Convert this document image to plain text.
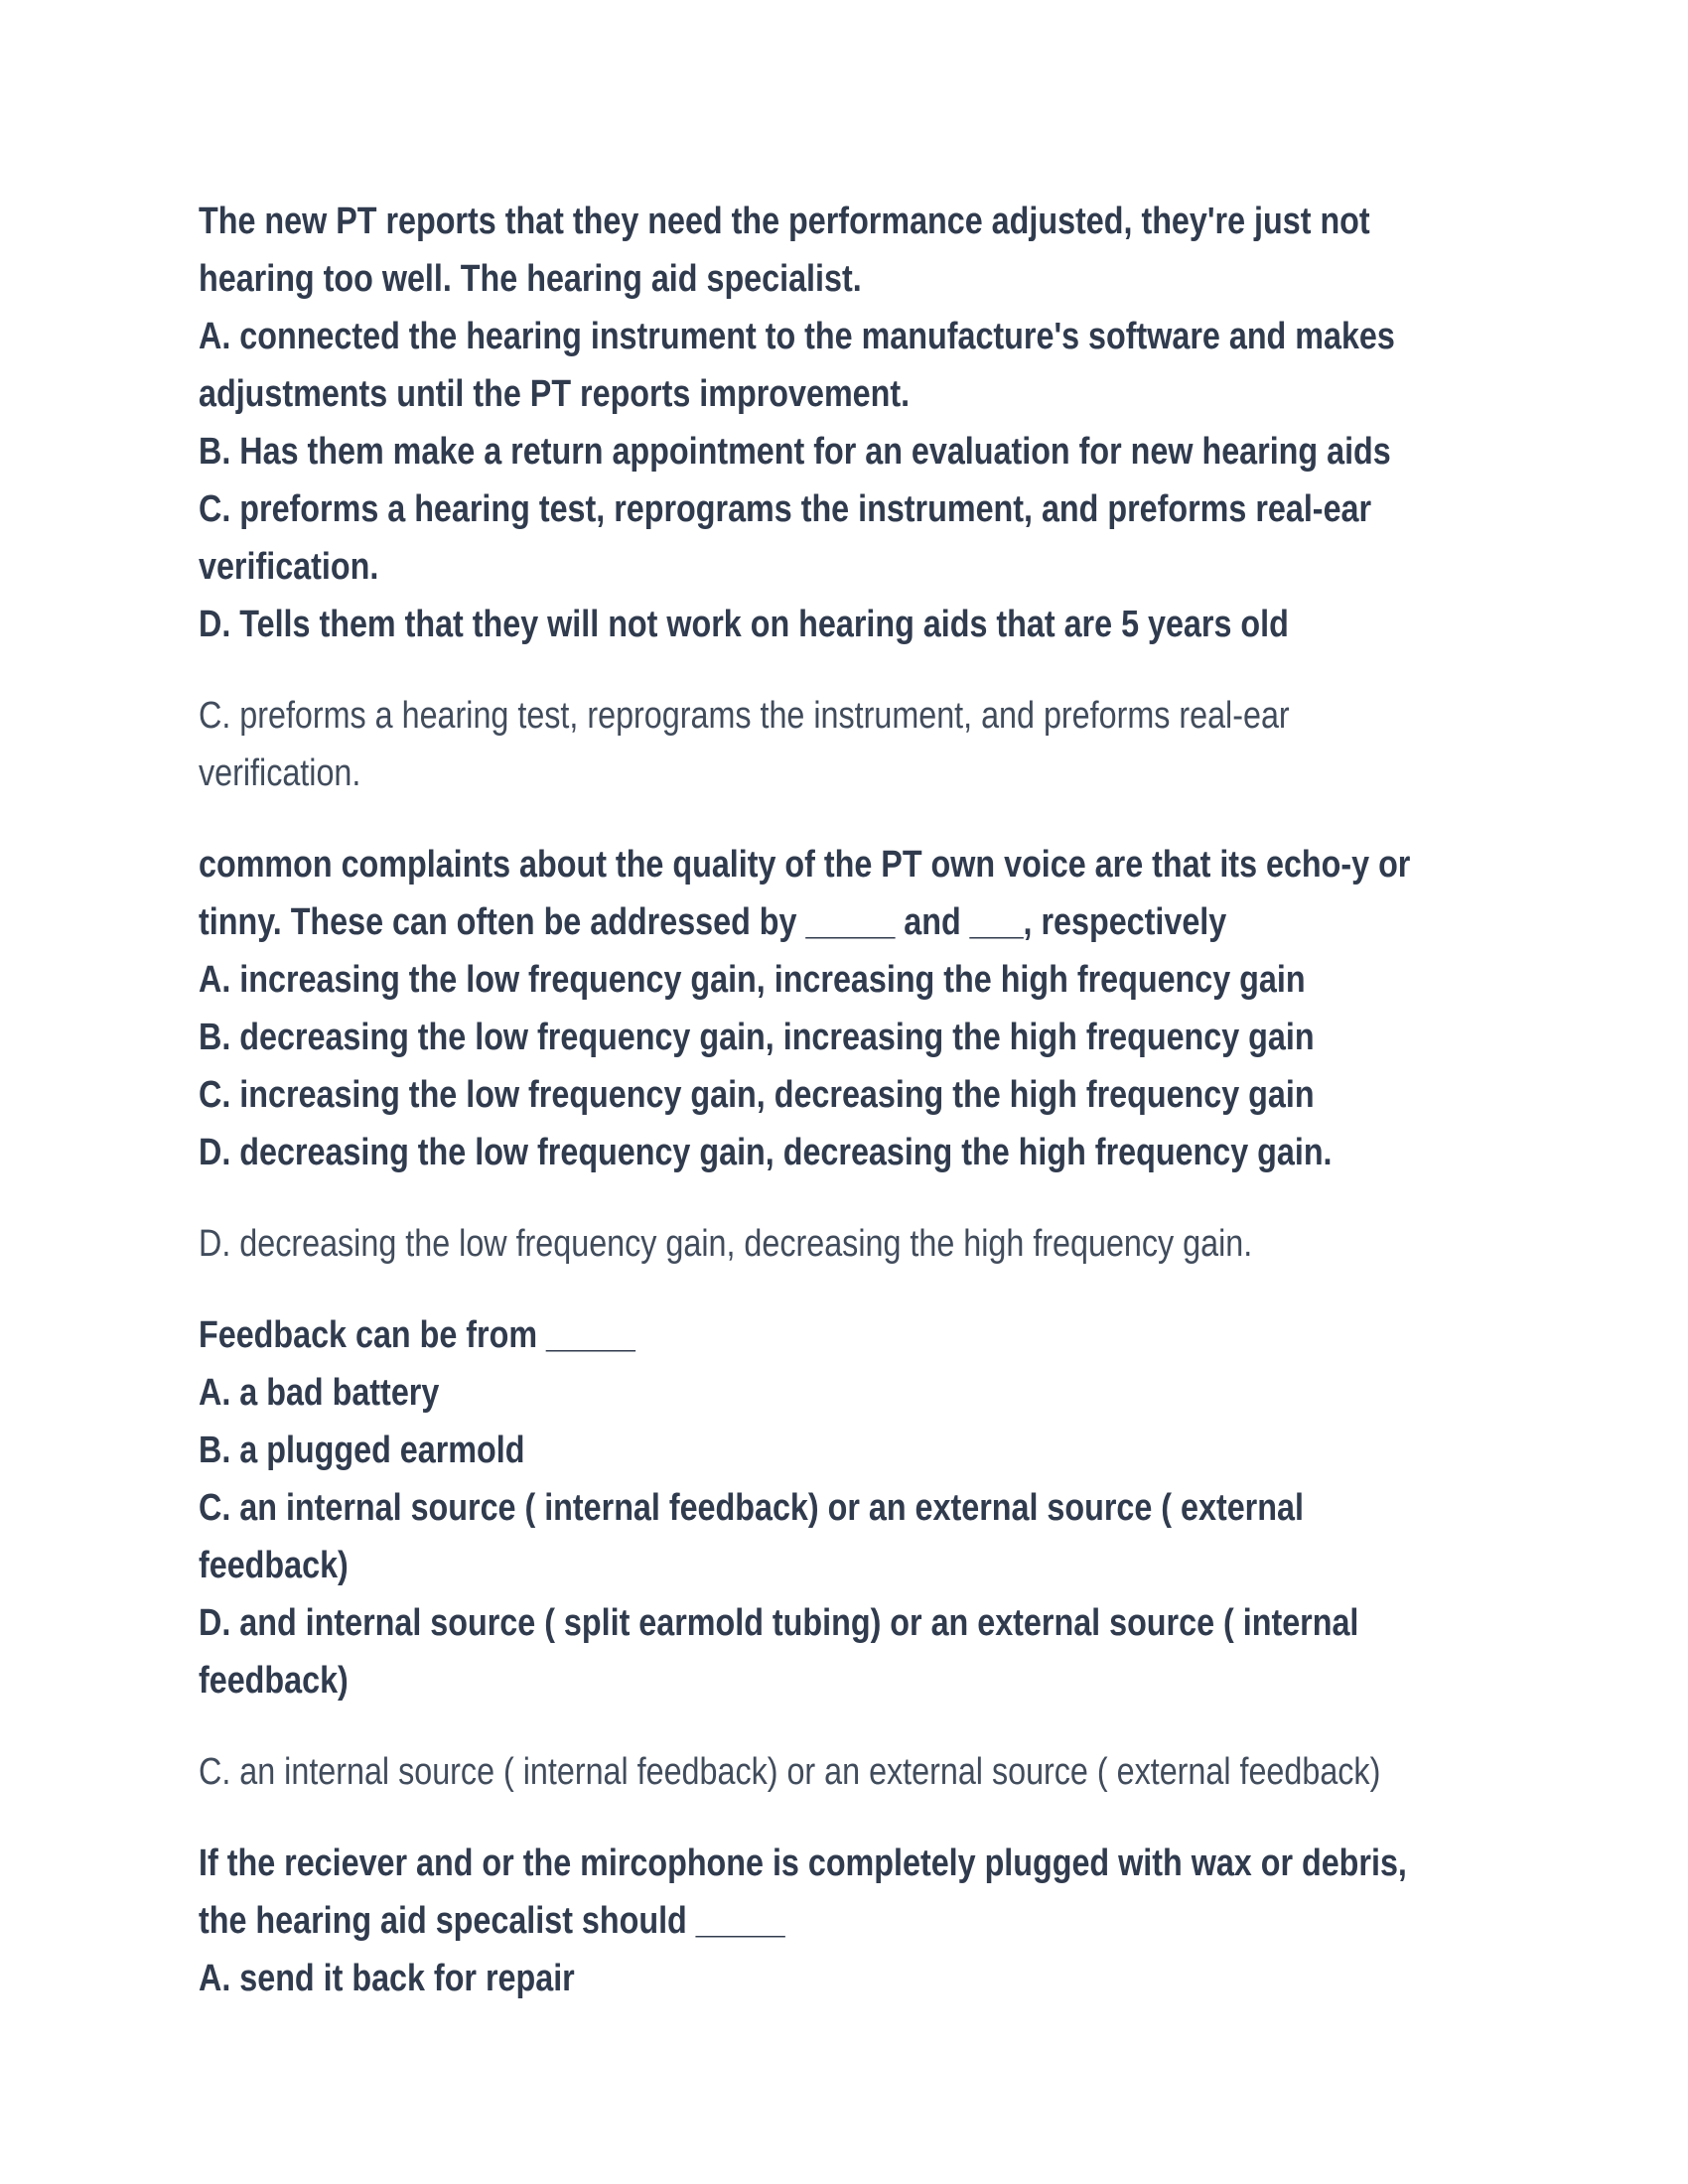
The new PT reports that they need the performance adjusted, they're just not
hearing too well. The hearing aid specialist.
A. connected the hearing instrument to the manufacture's software and makes
adjustments until the PT reports improvement.
B. Has them make a return appointment for an evaluation for new hearing aids
C. preforms a hearing test, reprograms the instrument, and preforms real-ear
verification.
D. Tells them that they will not work on hearing aids that are 5 years old
C. preforms a hearing test, reprograms the instrument, and preforms real-ear
verification.
common complaints about the quality of the PT own voice are that its echo-y or
tinny. These can often be addressed by _____ and ___, respectively
A. increasing the low frequency gain, increasing the high frequency gain
B. decreasing the low frequency gain, increasing the high frequency gain
C. increasing the low frequency gain, decreasing the high frequency gain
D. decreasing the low frequency gain, decreasing the high frequency gain.
D. decreasing the low frequency gain, decreasing the high frequency gain.
Feedback can be from _____
A. a bad battery
B. a plugged earmold
C. an internal source ( internal feedback) or an external source ( external
feedback)
D. and internal source ( split earmold tubing) or an external source ( internal
feedback)
C. an internal source ( internal feedback) or an external source ( external feedback)
If the reciever and or the mircophone is completely plugged with wax or debris,
the hearing aid specalist should _____
A. send it back for repair
